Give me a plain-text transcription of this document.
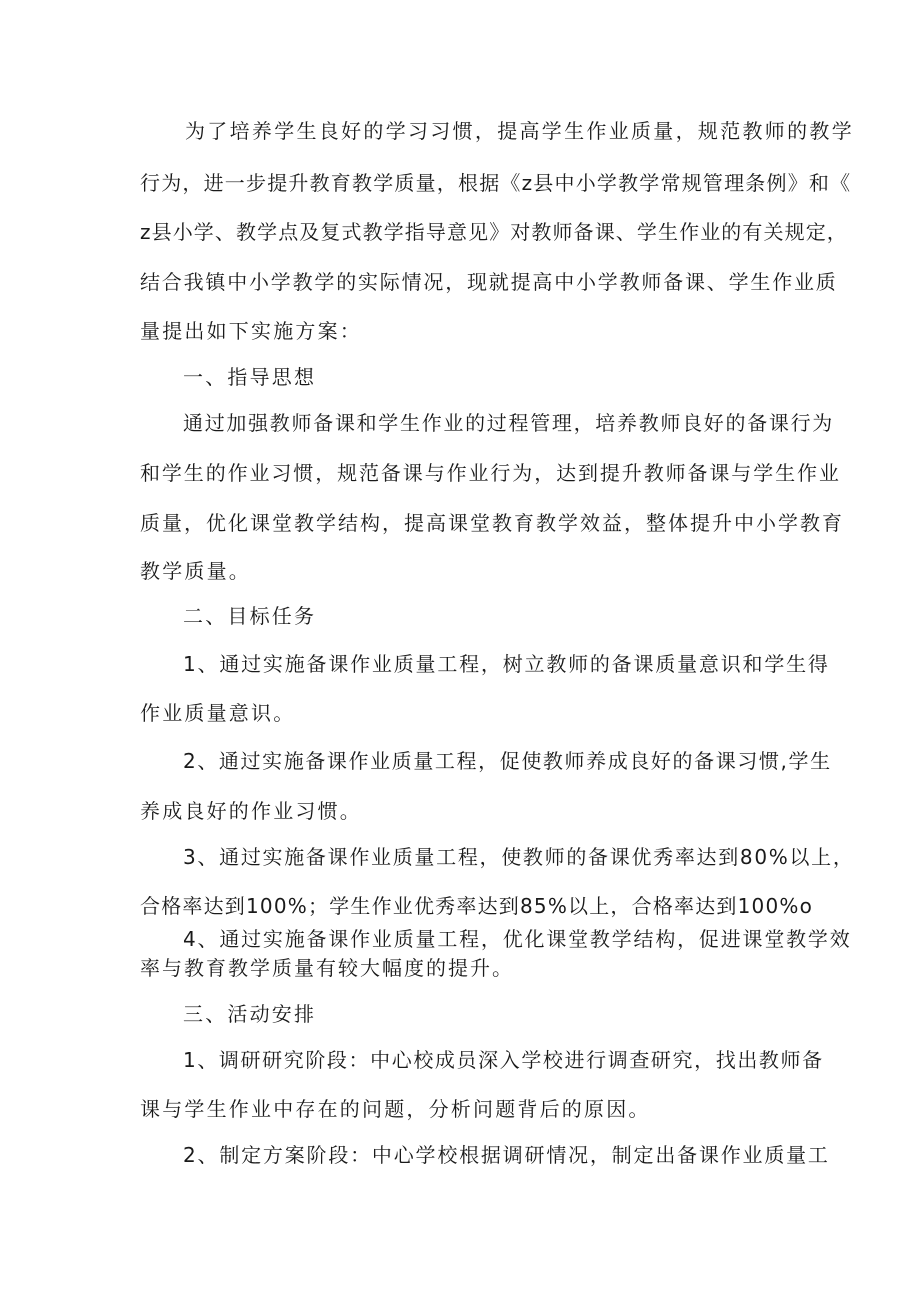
为了培养学生良好的学习习惯，提高学生作业质量，规范教师的教学
行为，进一步提升教育教学质量，根据《z县中小学教学常规管理条例》和《
z县小学、教学点及复式教学指导意见》对教师备课、学生作业的有关规定，
结合我镇中小学教学的实际情况，现就提高中小学教师备课、学生作业质
量提出如下实施方案：
一、指导思想
通过加强教师备课和学生作业的过程管理，培养教师良好的备课行为
和学生的作业习惯，规范备课与作业行为，达到提升教师备课与学生作业
质量，优化课堂教学结构，提高课堂教育教学效益，整体提升中小学教育
教学质量。
二、目标任务
1、通过实施备课作业质量工程，树立教师的备课质量意识和学生得
作业质量意识。
2、通过实施备课作业质量工程，促使教师养成良好的备课习惯,学生
养成良好的作业习惯。
3、通过实施备课作业质量工程，使教师的备课优秀率达到80%以上，
合格率达到100%；学生作业优秀率达到85%以上，合格率达到100%o
4、通过实施备课作业质量工程，优化课堂教学结构，促进课堂教学效
率与教育教学质量有较大幅度的提升。
三、活动安排
1、调研研究阶段：中心校成员深入学校进行调查研究，找出教师备
课与学生作业中存在的问题，分析问题背后的原因。
2、制定方案阶段：中心学校根据调研情况，制定出备课作业质量工
